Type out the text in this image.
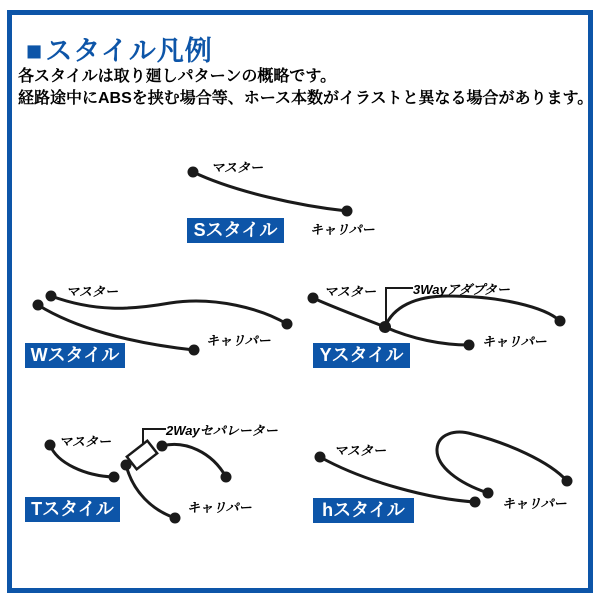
■スタイル凡例
各スタイルは取り廻しパターンの概略です。
経路途中にABSを挟む場合等、ホース本数がイラストと異なる場合があります。
マスター
キャリパー
マスター
キャリパー
マスター	3Wayアダプター
キャリパー
マスター
2Wayセパレーター
キャリパー
マスター
キャリパー
Sスタイル
Wスタイル	Yスタイル
Tスタイル	hスタイル
